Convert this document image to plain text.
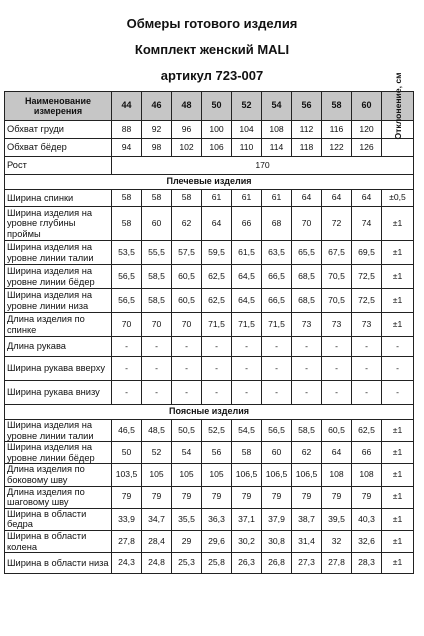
Обмеры готового изделия
Комплект женский MALI
артикул 723-007
Наименование измерения	44	46	48	50	52	54	56	58	60	Отклонение, см

Обхват груди	88	92	96	100	104	108	112	116	120	
Обхват бёдер	94	98	102	106	110	114	118	122	126	
Рост	170									
Плечевые изделия										
Ширина спинки	58	58	58	61	61	61	64	64	64	±0,5
Ширина изделия на уровне глубины проймы	58	60	62	64	66	68	70	72	74	±1
Ширина изделия на уровне линии талии	53,5	55,5	57,5	59,5	61,5	63,5	65,5	67,5	69,5	±1
Ширина изделия на уровне линии бёдер	56,5	58,5	60,5	62,5	64,5	66,5	68,5	70,5	72,5	±1
Ширина изделия на уровне линии низа	56,5	58,5	60,5	62,5	64,5	66,5	68,5	70,5	72,5	±1
Длина изделия по спинке	70	70	70	71,5	71,5	71,5	73	73	73	±1
Длина рукава	-	-	-	-	-	-	-	-	-	-
Ширина рукава вверху	-	-	-	-	-	-	-	-	-	-
Ширина рукава внизу	-	-	-	-	-	-	-	-	-	-
Поясные изделия										
Ширина изделия на уровне линии талии	46,5	48,5	50,5	52,5	54,5	56,5	58,5	60,5	62,5	±1
Ширина изделия на уровне линии бёдер	50	52	54	56	58	60	62	64	66	±1
Длина изделия по боковому шву	103,5	105	105	105	106,5	106,5	106,5	108	108	±1
Длина изделия по шаговому шву	79	79	79	79	79	79	79	79	79	±1
Ширина в области бедра	33,9	34,7	35,5	36,3	37,1	37,9	38,7	39,5	40,3	±1
Ширина в области колена	27,8	28,4	29	29,6	30,2	30,8	31,4	32	32,6	±1
Ширина в области низа	24,3	24,8	25,3	25,8	26,3	26,8	27,3	27,8	28,3	±1
